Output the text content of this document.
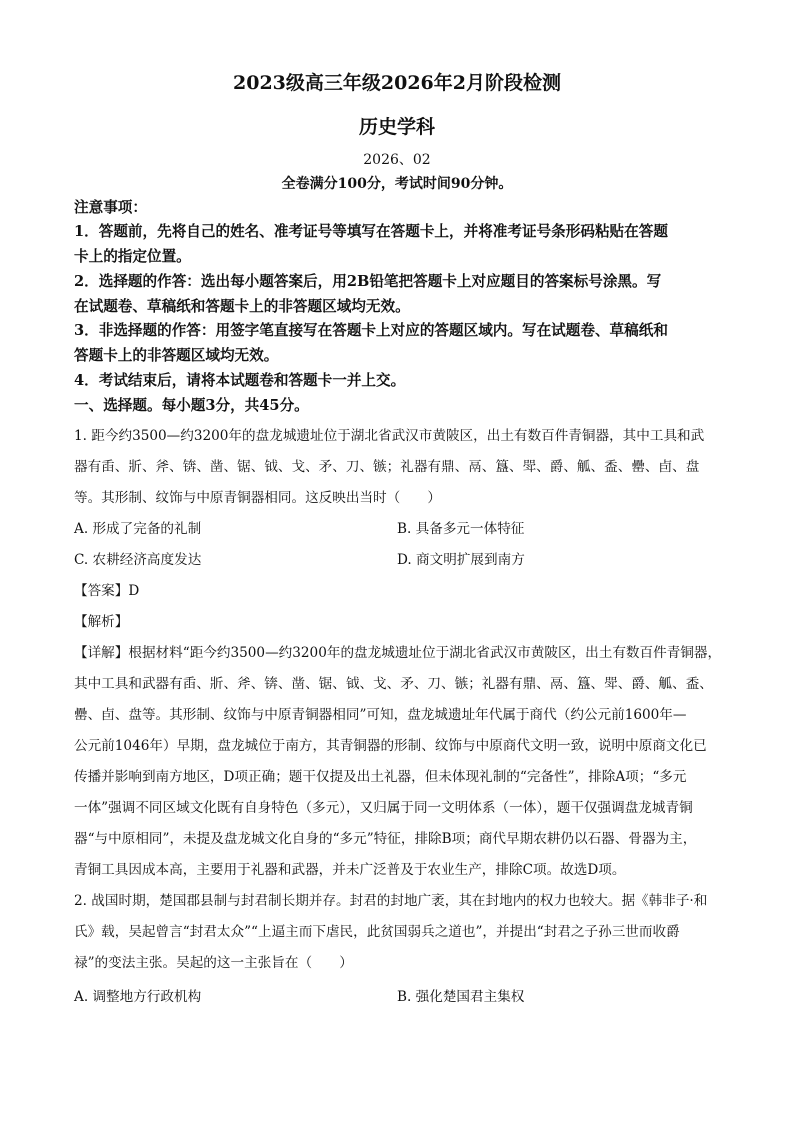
2023级高三年级2026年2月阶段检测
历史学科
2026、02
全卷满分100分，考试时间90分钟。
注意事项：
1．答题前，先将自己的姓名、准考证号等填写在答题卡上，并将准考证号条形码粘贴在答题
卡上的指定位置。
2．选择题的作答：选出每小题答案后，用2B铅笔把答题卡上对应题目的答案标号涂黑。写
在试题卷、草稿纸和答题卡上的非答题区域均无效。
3．非选择题的作答：用签字笔直接写在答题卡上对应的答题区域内。写在试题卷、草稿纸和
答题卡上的非答题区域均无效。
4．考试结束后，请将本试题卷和答题卡一并上交。
一、选择题。每小题3分，共45分。
1. 距今约3500—约3200年的盘龙城遗址位于湖北省武汉市黄陂区，出土有数百件青铜器，其中工具和武
器有臿、斨、斧、锛、凿、锯、钺、戈、矛、刀、镞；礼器有鼎、鬲、簋、斝、爵、觚、盉、罍、卣、盘
等。其形制、纹饰与中原青铜器相同。这反映出当时（　　）
A. 形成了完备的礼制	B. 具备多元一体特征
C. 农耕经济高度发达	D. 商文明扩展到南方
【答案】D
【解析】
【详解】根据材料“距今约3500—约3200年的盘龙城遗址位于湖北省武汉市黄陂区，出土有数百件青铜器，
其中工具和武器有臿、斨、斧、锛、凿、锯、钺、戈、矛、刀、镞；礼器有鼎、鬲、簋、斝、爵、觚、盉、
罍、卣、盘等。其形制、纹饰与中原青铜器相同”可知，盘龙城遗址年代属于商代（约公元前1600年—
公元前1046年）早期，盘龙城位于南方，其青铜器的形制、纹饰与中原商代文明一致，说明中原商文化已
传播并影响到南方地区，D项正确；题干仅提及出土礼器，但未体现礼制的“完备性”，排除A项；“多元
一体”强调不同区域文化既有自身特色（多元），又归属于同一文明体系（一体），题干仅强调盘龙城青铜
器“与中原相同”，未提及盘龙城文化自身的“多元”特征，排除B项；商代早期农耕仍以石器、骨器为主，
青铜工具因成本高，主要用于礼器和武器，并未广泛普及于农业生产，排除C项。故选D项。
2. 战国时期，楚国郡县制与封君制长期并存。封君的封地广袤，其在封地内的权力也较大。据《韩非子·和
氏》载，吴起曾言“封君太众”“上逼主而下虐民，此贫国弱兵之道也”，并提出“封君之子孙三世而收爵
禄”的变法主张。吴起的这一主张旨在（　　）
A. 调整地方行政机构	B. 强化楚国君主集权
